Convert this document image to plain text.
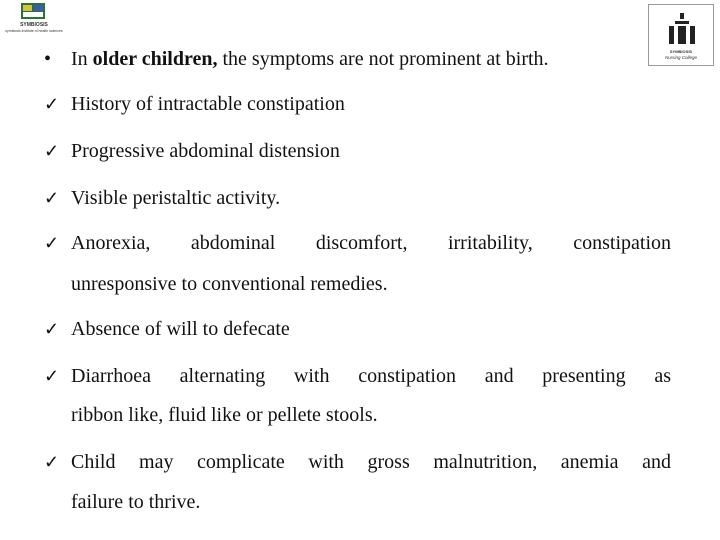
SYMBIOSIS
symbiosis institute of health sciences
SYMBIOSIS
Nursing College
• In older children, the symptoms are not prominent at birth.
✓ History of intractable constipation
✓ Progressive abdominal distension
✓ Visible peristaltic activity.
✓ Anorexia, abdominal discomfort, irritability, constipation
unresponsive to conventional remedies.
✓ Absence of will to defecate
✓ Diarrhoea alternating with constipation and presenting as
ribbon like, fluid like or pellete stools.
✓ Child may complicate with gross malnutrition, anemia and
failure to thrive.
